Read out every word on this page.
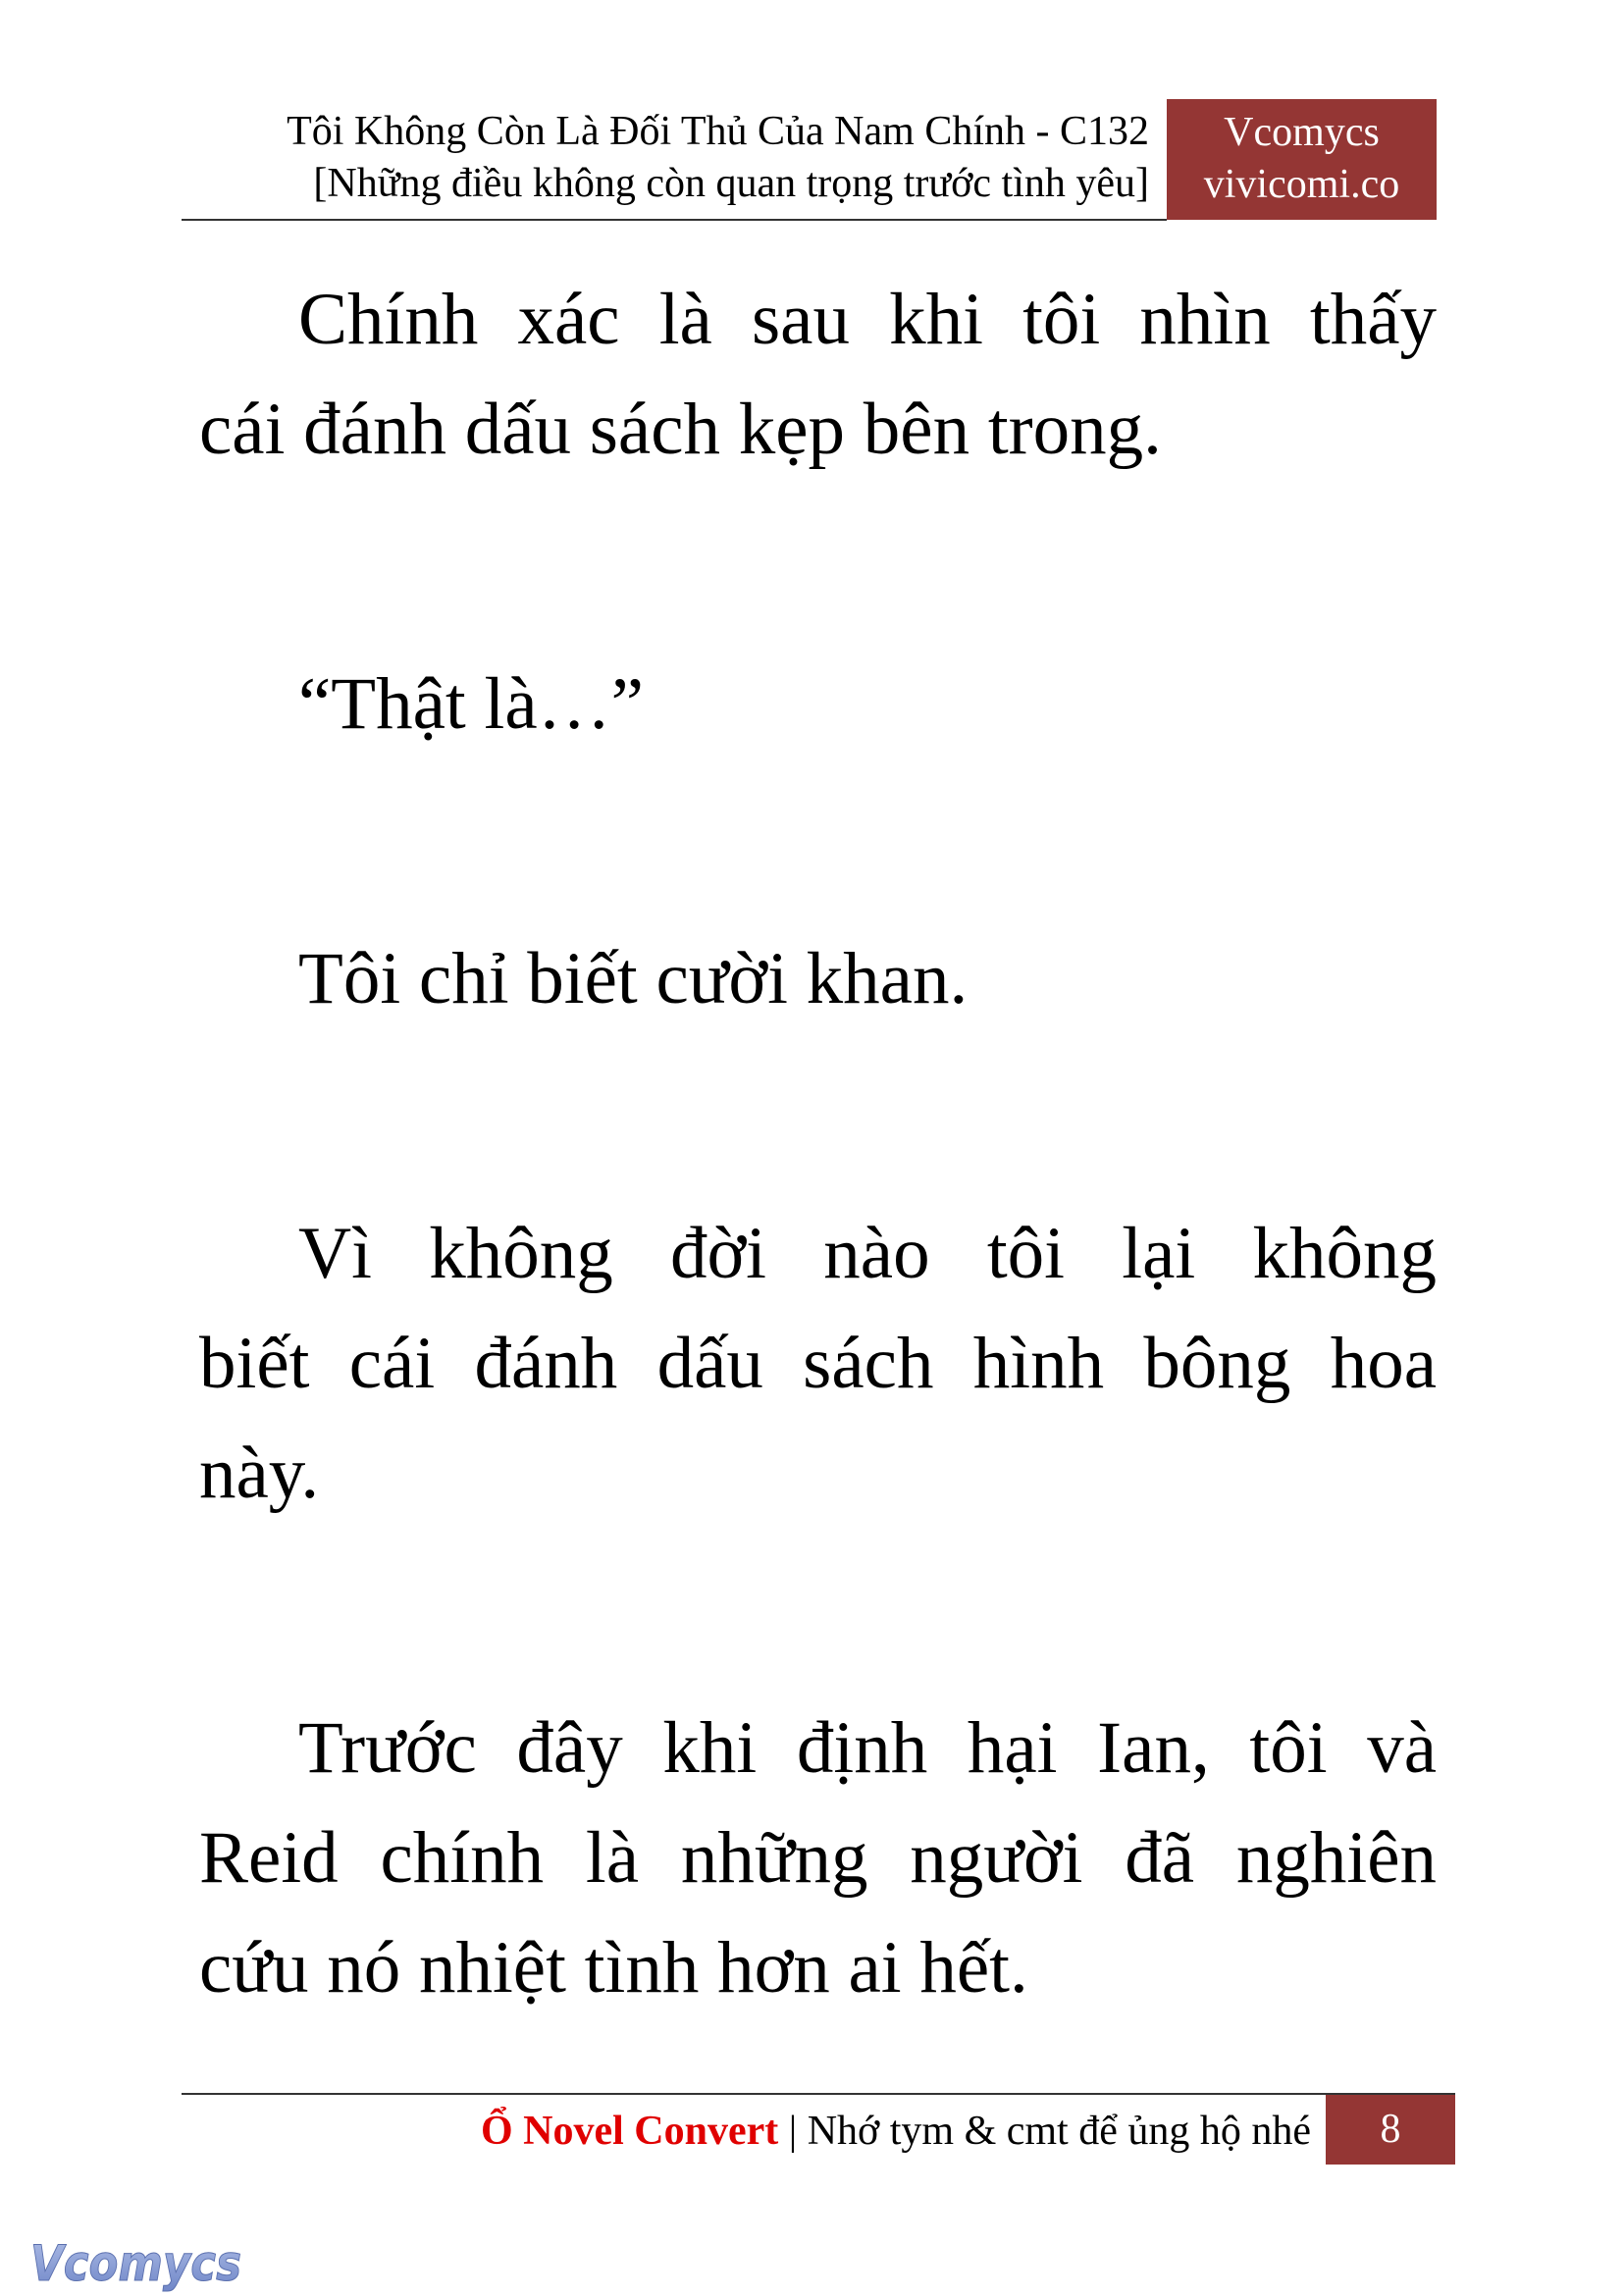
Tôi Không Còn Là Đối Thủ Của Nam Chính - C132
[Những điều không còn quan trọng trước tình yêu]
Vcomycs
vivicomi.co
Chính xác là sau khi tôi nhìn thấy
cái đánh dấu sách kẹp bên trong.
“Thật là…”
Tôi chỉ biết cười khan.
Vì không đời nào tôi lại không
biết cái đánh dấu sách hình bông hoa
này.
Trước đây khi định hại Ian, tôi và
Reid chính là những người đã nghiên
cứu nó nhiệt tình hơn ai hết.
Ổ Novel Convert | Nhớ tym & cmt để ủng hộ nhé	8
Vcomycs
